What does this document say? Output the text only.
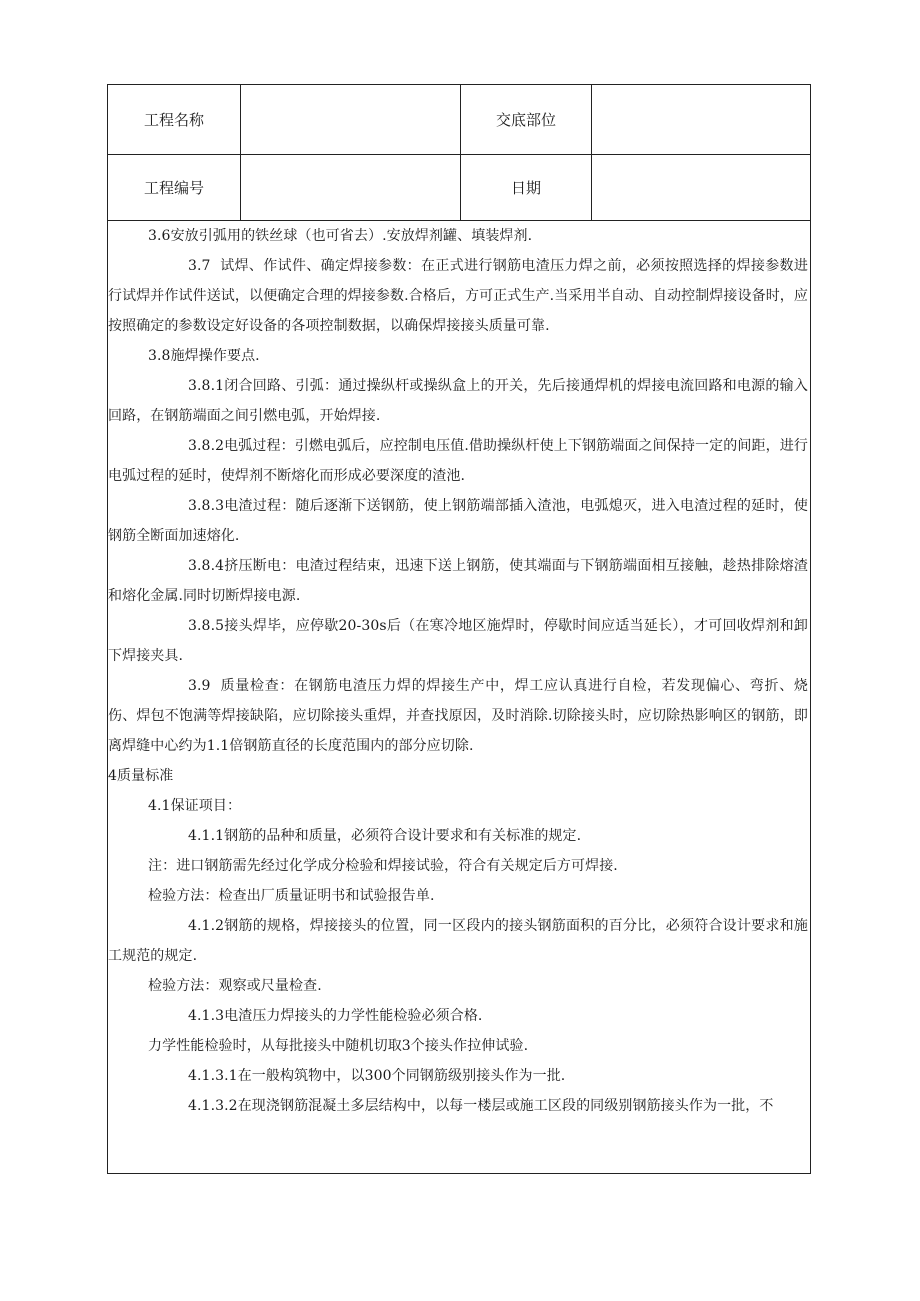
工程名称	交底部位
工程编号	日期

3.6安放引弧用的铁丝球（也可省去）.安放焊剂罐、填装焊剂.

3.7 试焊、作试件、确定焊接参数：在正式进行钢筋电渣压力焊之前，必须按照选择的焊接参数进行试焊并作试件送试，以便确定合理的焊接参数.合格后，方可正式生产.当采用半自动、自动控制焊接设备时，应按照确定的参数设定好设备的各项控制数据，以确保焊接接头质量可靠.

3.8施焊操作要点.

3.8.1闭合回路、引弧：通过操纵杆或操纵盒上的开关，先后接通焊机的焊接电流回路和电源的输入回路，在钢筋端面之间引燃电弧，开始焊接.

3.8.2电弧过程：引燃电弧后，应控制电压值.借助操纵杆使上下钢筋端面之间保持一定的间距，进行电弧过程的延时，使焊剂不断熔化而形成必要深度的渣池.

3.8.3电渣过程：随后逐渐下送钢筋，使上钢筋端部插入渣池，电弧熄灭，进入电渣过程的延时，使钢筋全断面加速熔化.

3.8.4挤压断电：电渣过程结束，迅速下送上钢筋，使其端面与下钢筋端面相互接触，趁热排除熔渣和熔化金属.同时切断焊接电源.

3.8.5接头焊毕，应停歇20-30s后（在寒冷地区施焊时，停歇时间应适当延长），才可回收焊剂和卸下焊接夹具.

3.9 质量检查：在钢筋电渣压力焊的焊接生产中，焊工应认真进行自检，若发现偏心、弯折、烧伤、焊包不饱满等焊接缺陷，应切除接头重焊，并查找原因，及时消除.切除接头时，应切除热影响区的钢筋，即离焊缝中心约为1.1倍钢筋直径的长度范围内的部分应切除.

4质量标准

4.1保证项目：

4.1.1钢筋的品种和质量，必须符合设计要求和有关标准的规定.

注：进口钢筋需先经过化学成分检验和焊接试验，符合有关规定后方可焊接.

检验方法：检查出厂质量证明书和试验报告单.

4.1.2钢筋的规格，焊接接头的位置，同一区段内的接头钢筋面积的百分比，必须符合设计要求和施工规范的规定.

检验方法：观察或尺量检查.

4.1.3电渣压力焊接头的力学性能检验必须合格.

力学性能检验时，从每批接头中随机切取3个接头作拉伸试验.

4.1.3.1在一般构筑物中，以300个同钢筋级别接头作为一批.

4.1.3.2在现浇钢筋混凝土多层结构中，以每一楼层或施工区段的同级别钢筋接头作为一批，不
